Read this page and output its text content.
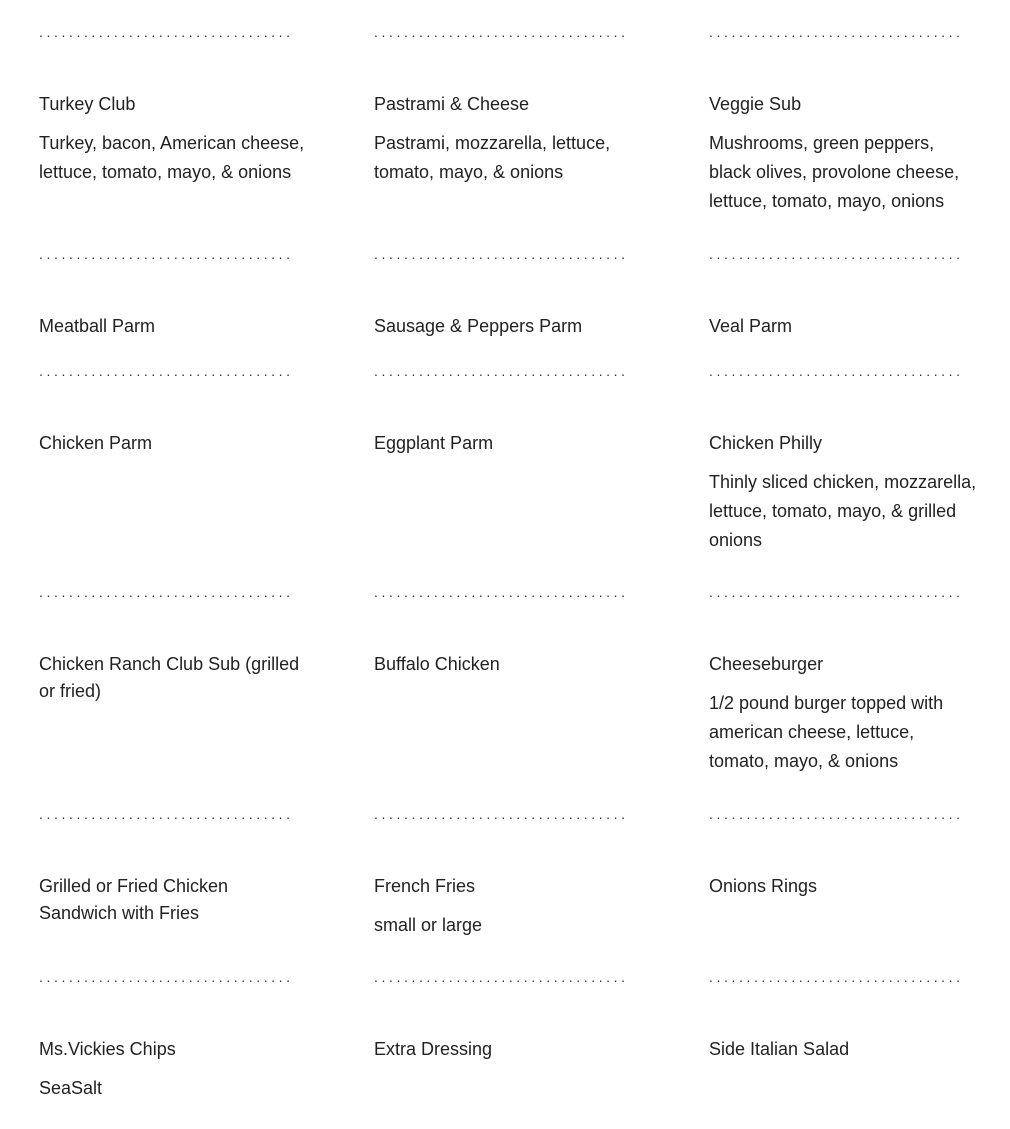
..................................
Turkey Club
Turkey, bacon, American cheese, lettuce, tomato, mayo, & onions
..................................
Meatball Parm
..................................
Chicken Parm
..................................
Chicken Ranch Club Sub (grilled or fried)
..................................
Grilled or Fried Chicken Sandwich with Fries
..................................
Ms.Vickies Chips
SeaSalt
..................................
Pastrami & Cheese
Pastrami, mozzarella, lettuce, tomato, mayo, & onions
..................................
Sausage & Peppers Parm
..................................
Eggplant Parm
..................................
Buffalo Chicken
..................................
French Fries
small or large
..................................
Extra Dressing
..................................
Veggie Sub
Mushrooms, green peppers, black olives, provolone cheese, lettuce, tomato, mayo, onions
..................................
Veal Parm
..................................
Chicken Philly
Thinly sliced chicken, mozzarella, lettuce, tomato, mayo, & grilled onions
..................................
Cheeseburger
1/2 pound burger topped with american cheese, lettuce, tomato, mayo, & onions
..................................
Onions Rings
..................................
Side Italian Salad
